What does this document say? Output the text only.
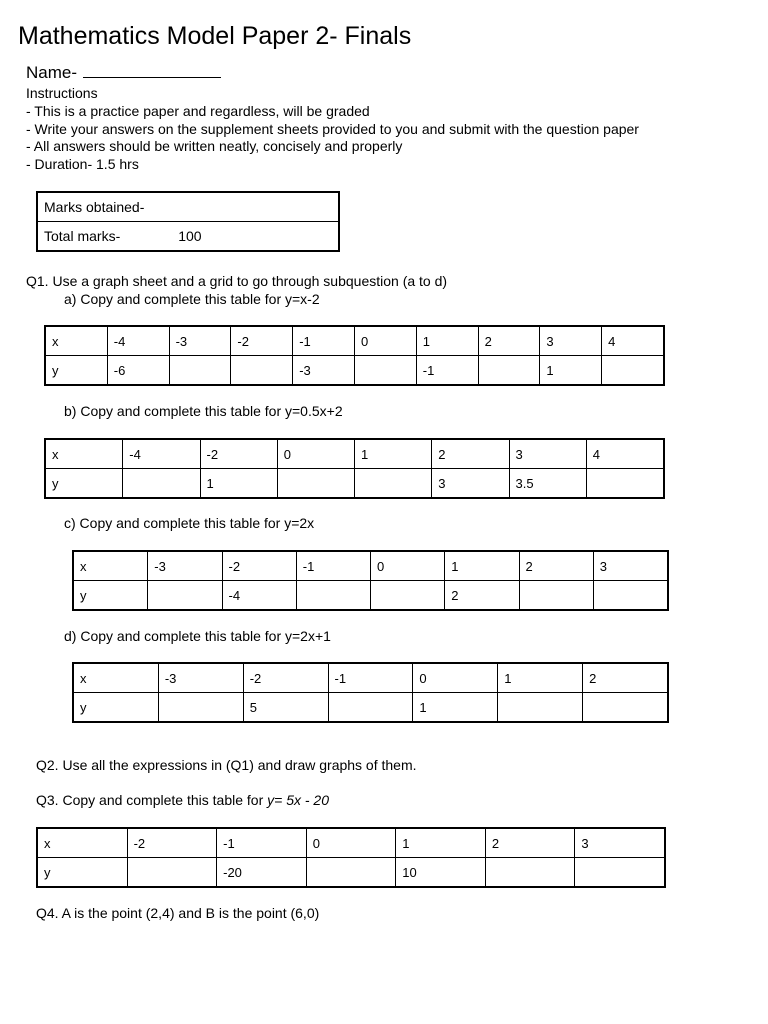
Mathematics Model Paper 2- Finals
Name-
Instructions
- This is a practice paper and regardless, will be graded
- Write your answers on the supplement sheets provided to you and submit with the question paper
- All answers should be written neatly, concisely and properly
- Duration- 1.5 hrs
Marks obtained-
Total marks-	100
Q1. Use a graph sheet and a grid to go through subquestion (a to d)
a) Copy and complete this table for y=x-2
x	-4	-3	-2	-1	0	1	2	3	4
y	-6			-3		-1		1	
b) Copy and complete this table for y=0.5x+2
x	-4	-2	0	1	2	3	4
y		1			3	3.5	
c) Copy and complete this table for y=2x
x	-3	-2	-1	0	1	2	3
y		-4			2		
d) Copy and complete this table for y=2x+1
x	-3	-2	-1	0	1	2
y		5		1		
Q2. Use all the expressions in (Q1) and draw graphs of them.
Q3. Copy and complete this table for y= 5x - 20
x	-2	-1	0	1	2	3
y		-20		10		
Q4. A is the point (2,4) and B is the point (6,0)
